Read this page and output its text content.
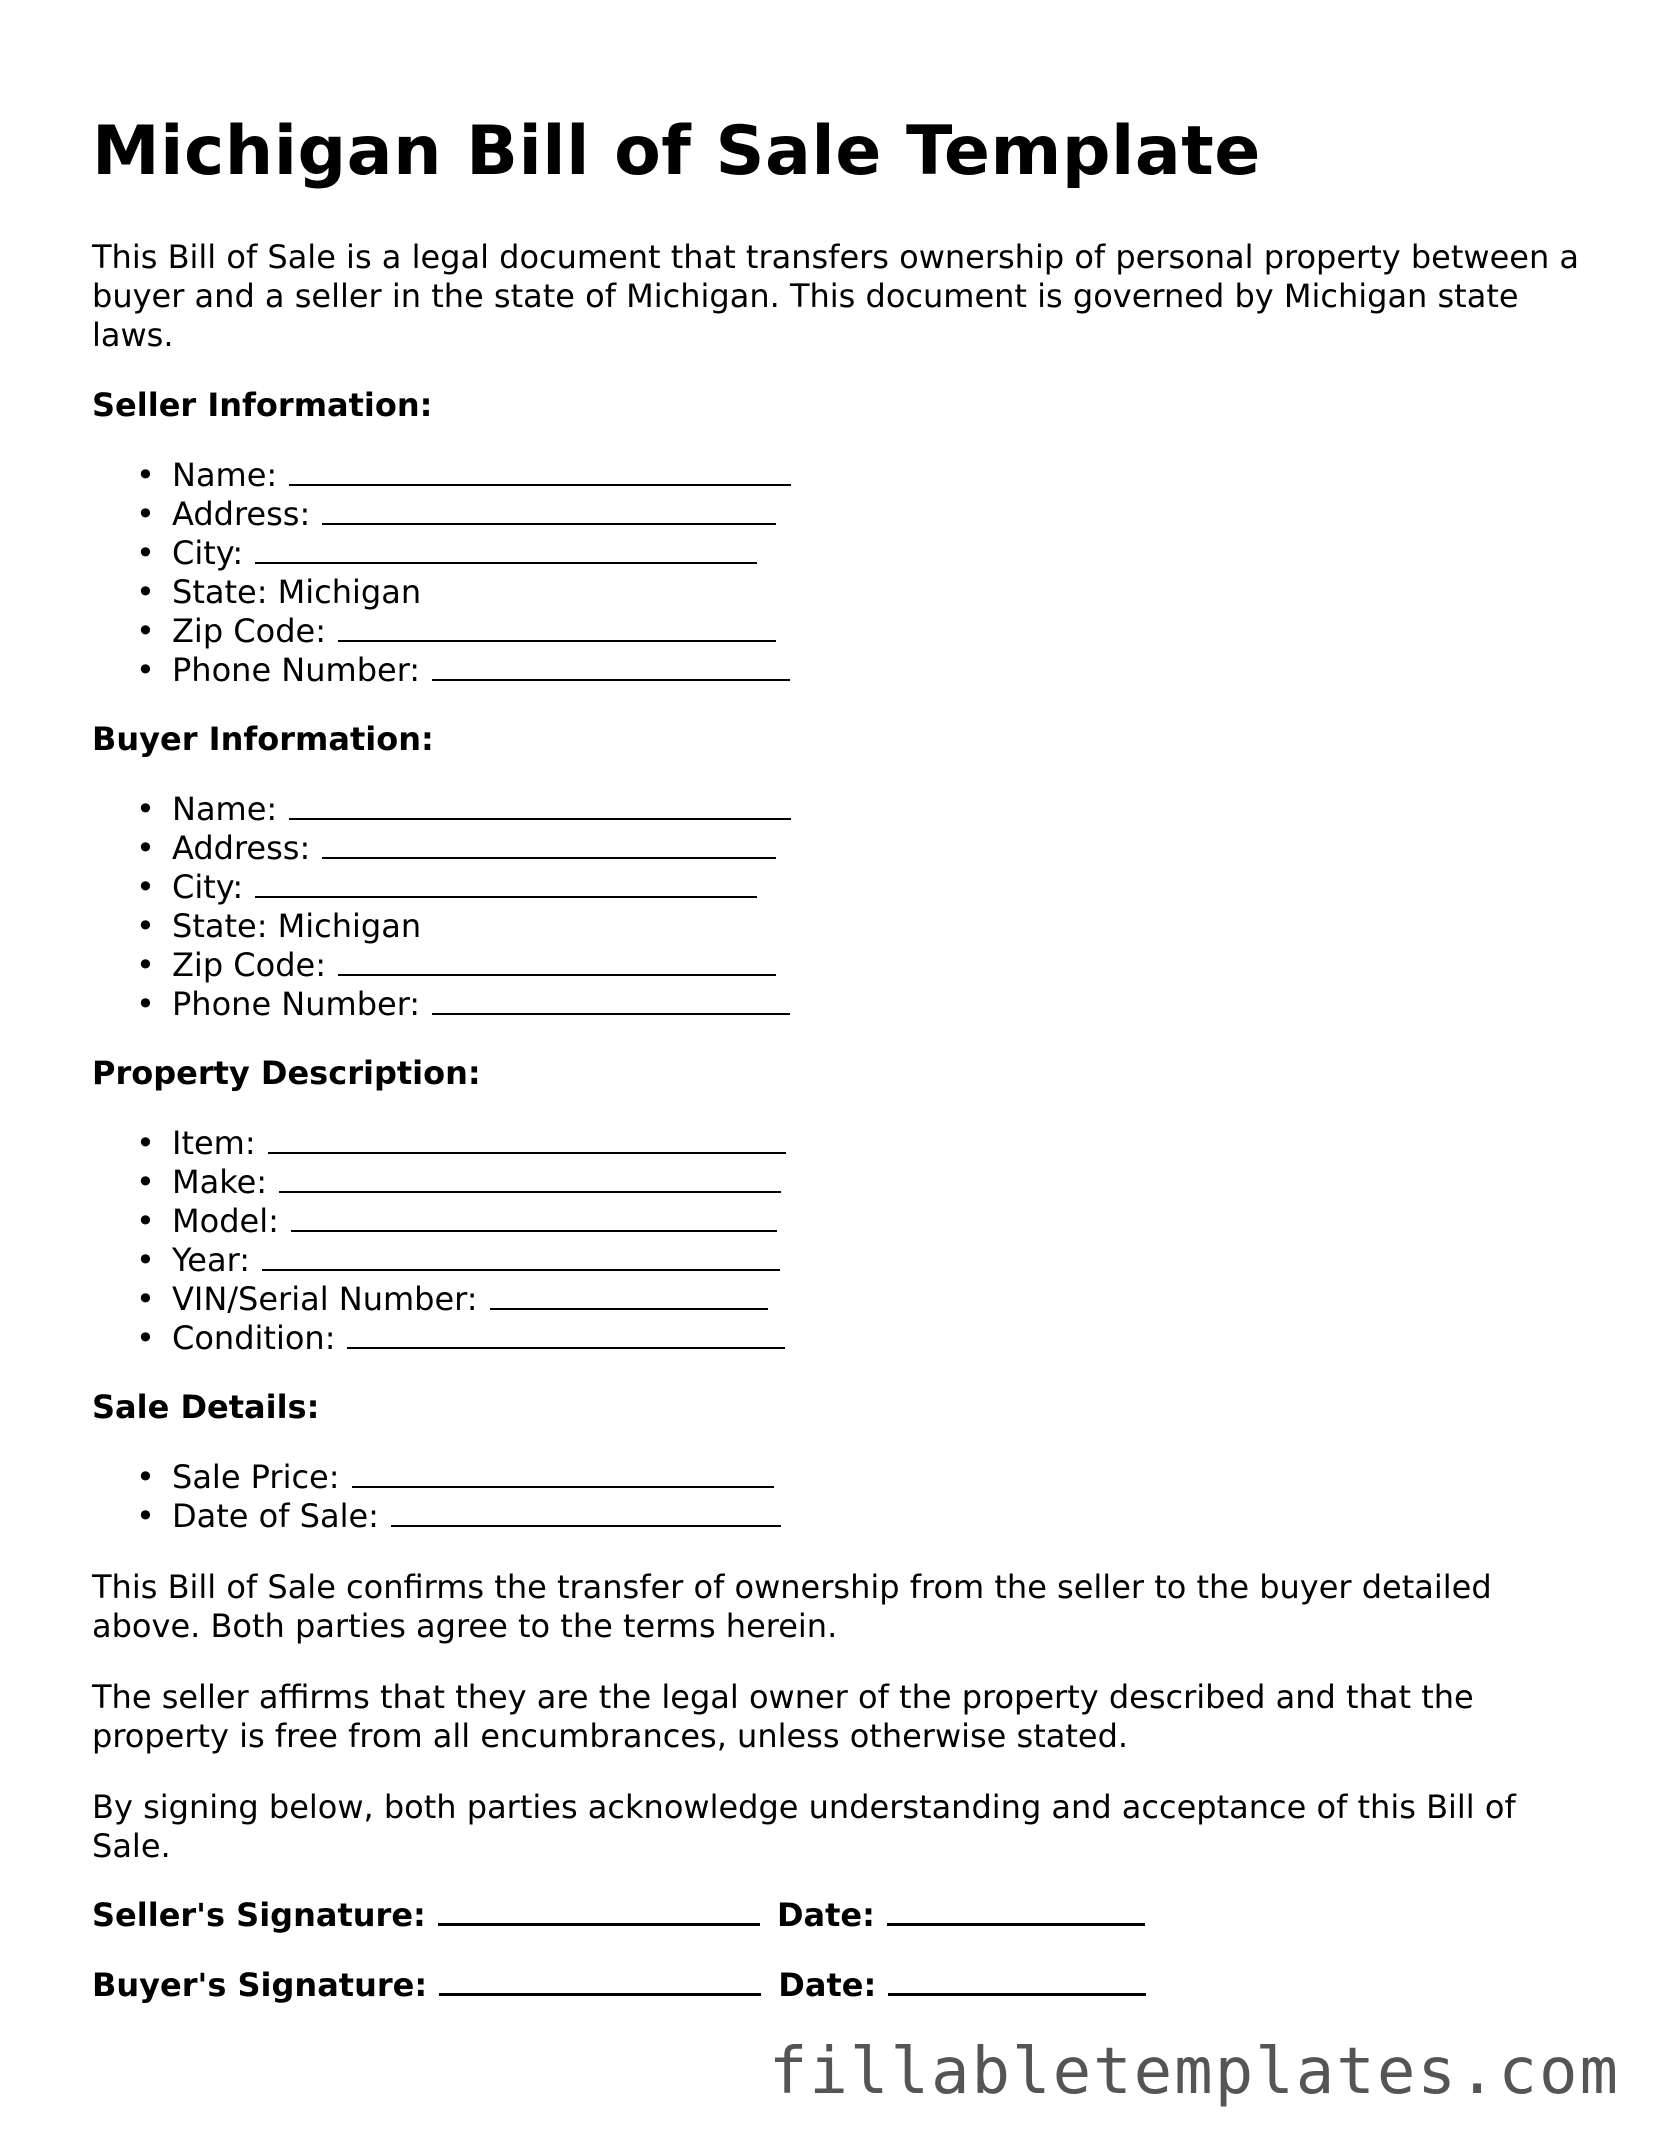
Michigan Bill of Sale Template

This Bill of Sale is a legal document that transfers ownership of personal property between a buyer and a seller in the state of Michigan. This document is governed by Michigan state laws.

Seller Information:

• Name:
• Address:
• City:
• State: Michigan
• Zip Code:
• Phone Number:

Buyer Information:

• Name:
• Address:
• City:
• State: Michigan
• Zip Code:
• Phone Number:

Property Description:

• Item:
• Make:
• Model:
• Year:
• VIN/Serial Number:
• Condition:

Sale Details:

• Sale Price:
• Date of Sale:

This Bill of Sale confirms the transfer of ownership from the seller to the buyer detailed above. Both parties agree to the terms herein.

The seller affirms that they are the legal owner of the property described and that the property is free from all encumbrances, unless otherwise stated.

By signing below, both parties acknowledge understanding and acceptance of this Bill of Sale.

Seller's Signature:	Date:

Buyer's Signature:	Date:

fillabletemplates.com
